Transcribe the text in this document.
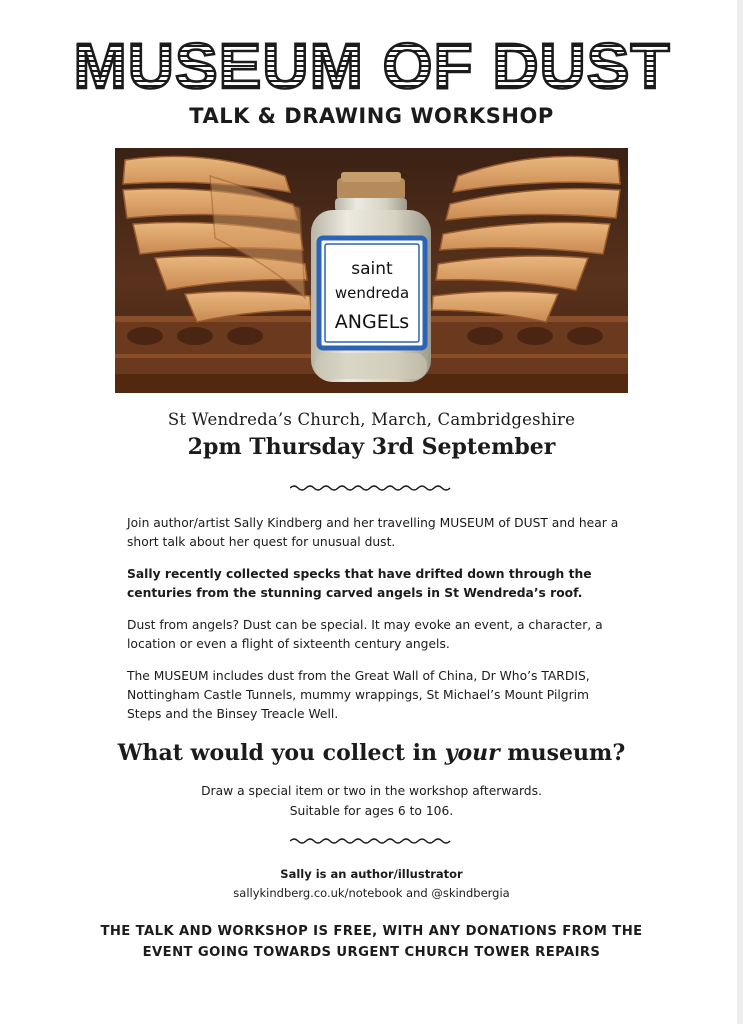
MUSEUM OF DUST
TALK & DRAWING WORKSHOP
saint
wendreda
ANGELs
St Wendreda’s Church, March, Cambridgeshire
2pm Thursday 3rd September

Join author/artist Sally Kindberg and her travelling MUSEUM of DUST and hear a short talk about her quest for unusual dust.

Sally recently collected specks that have drifted down through the centuries from the stunning carved angels in St Wendreda’s roof.

Dust from angels? Dust can be special. It may evoke an event, a character, a location or even a flight of sixteenth century angels.

The MUSEUM includes dust from the Great Wall of China, Dr Who’s TARDIS, Nottingham Castle Tunnels, mummy wrappings, St Michael’s Mount Pilgrim Steps and the Binsey Treacle Well.

What would you collect in your museum?
Draw a special item or two in the workshop afterwards.
Suitable for ages 6 to 106.
Sally is an author/illustrator
sallykindberg.co.uk/notebook and @skindbergia
THE TALK AND WORKSHOP IS FREE, WITH ANY DONATIONS FROM THE
EVENT GOING TOWARDS URGENT CHURCH TOWER REPAIRS
